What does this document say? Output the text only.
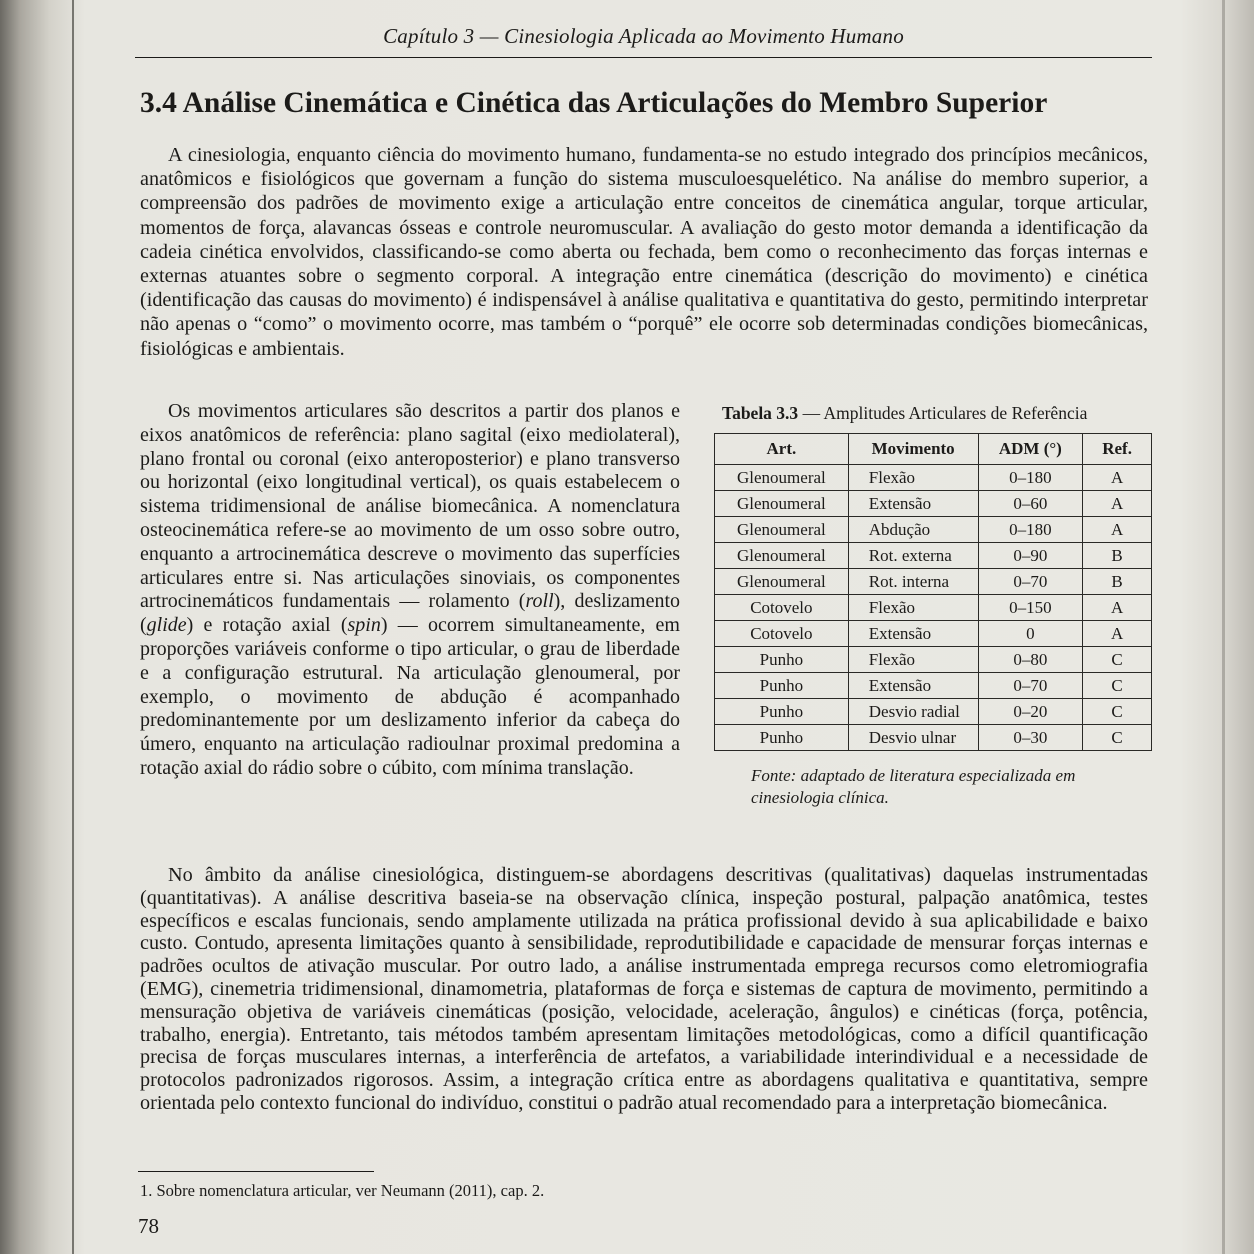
Capítulo 3 — Cinesiologia Aplicada ao Movimento Humano
3.4 Análise Cinemática e Cinética das Articulações do Membro Superior

A cinesiologia, enquanto ciência do movimento humano, fundamenta-se no estudo integrado dos princípios mecânicos, anatômicos e fisiológicos que governam a função do sistema musculoesquelético. Na análise do membro superior, a compreensão dos padrões de movimento exige a articulação entre conceitos de cinemática angular, torque articular, momentos de força, alavancas ósseas e controle neuromuscular. A avaliação do gesto motor demanda a identificação da cadeia cinética envolvidos, classificando-se como aberta ou fechada, bem como o reconhecimento das forças internas e externas atuantes sobre o segmento corporal. A integração entre cinemática (descrição do movimento) e cinética (identificação das causas do movimento) é indispensável à análise qualitativa e quantitativa do gesto, permitindo interpretar não apenas o “como” o movimento ocorre, mas também o “porquê” ele ocorre sob determinadas condições biomecânicas, fisiológicas e ambientais.

Os movimentos articulares são descritos a partir dos planos e eixos anatômicos de referência: plano sagital (eixo mediolateral), plano frontal ou coronal (eixo anteroposterior) e plano transverso ou horizontal (eixo longitudinal vertical), os quais estabelecem o sistema tridimensional de análise biomecânica. A nomenclatura osteocinemática refere-se ao movimento de um osso sobre outro, enquanto a artrocinemática descreve o movimento das superfícies articulares entre si. Nas articulações sinoviais, os componentes artrocinemáticos fundamentais — rolamento (roll), deslizamento (glide) e rotação axial (spin) — ocorrem simultaneamente, em proporções variáveis conforme o tipo articular, o grau de liberdade e a configuração estrutural. Na articulação glenoumeral, por exemplo, o movimento de abdução é acompanhado predominantemente por um deslizamento inferior da cabeça do úmero, enquanto na articulação radioulnar proximal predomina a rotação axial do rádio sobre o cúbito, com mínima translação.

Tabela 3.3 — Amplitudes Articulares de Referência
Art.	Movimento	ADM (°)	Ref.
Glenoumeral	Flexão	0–180	A
Glenoumeral	Extensão	0–60	A
Glenoumeral	Abdução	0–180	A
Glenoumeral	Rot. externa	0–90	B
Glenoumeral	Rot. interna	0–70	B
Cotovelo	Flexão	0–150	A
Cotovelo	Extensão	0	A
Punho	Flexão	0–80	C
Punho	Extensão	0–70	C
Punho	Desvio radial	0–20	C
Punho	Desvio ulnar	0–30	C
Fonte: adaptado de literatura especializada em cinesiologia clínica.

No âmbito da análise cinesiológica, distinguem-se abordagens descritivas (qualitativas) daquelas instrumentadas (quantitativas). A análise descritiva baseia-se na observação clínica, inspeção postural, palpação anatômica, testes específicos e escalas funcionais, sendo amplamente utilizada na prática profissional devido à sua aplicabilidade e baixo custo. Contudo, apresenta limitações quanto à sensibilidade, reprodutibilidade e capacidade de mensurar forças internas e padrões ocultos de ativação muscular. Por outro lado, a análise instrumentada emprega recursos como eletromiografia (EMG), cinemetria tridimensional, dinamometria, plataformas de força e sistemas de captura de movimento, permitindo a mensuração objetiva de variáveis cinemáticas (posição, velocidade, aceleração, ângulos) e cinéticas (força, potência, trabalho, energia). Entretanto, tais métodos também apresentam limitações metodológicas, como a difícil quantificação precisa de forças musculares internas, a interferência de artefatos, a variabilidade interindividual e a necessidade de protocolos padronizados rigorosos. Assim, a integração crítica entre as abordagens qualitativa e quantitativa, sempre orientada pelo contexto funcional do indivíduo, constitui o padrão atual recomendado para a interpretação biomecânica.

1. Sobre nomenclatura articular, ver Neumann (2011), cap. 2.
78
